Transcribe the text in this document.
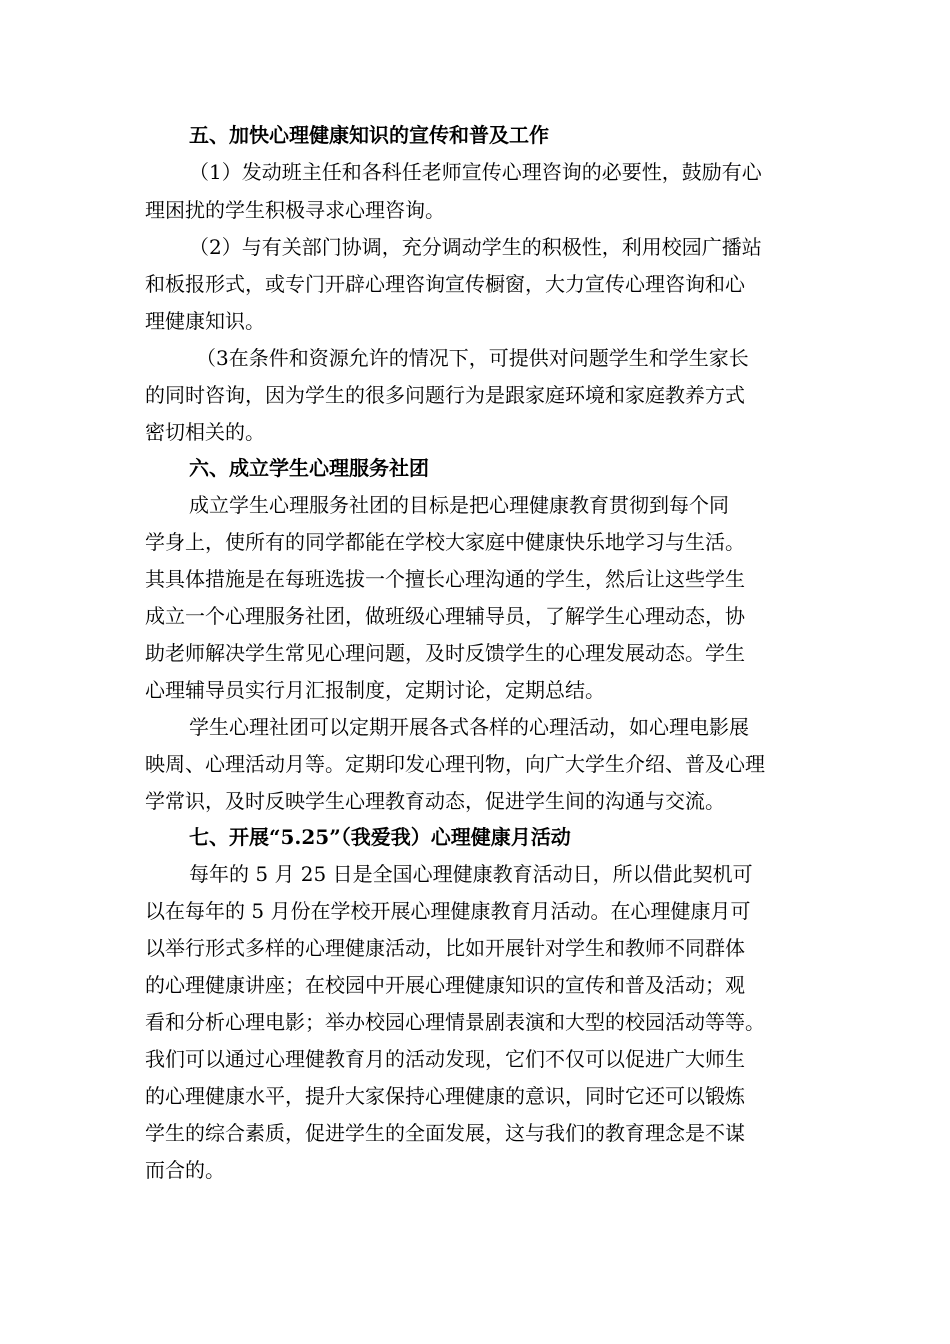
五、加快心理健康知识的宣传和普及工作
（1）发动班主任和各科任老师宣传心理咨询的必要性，鼓励有心
理困扰的学生积极寻求心理咨询。
（2）与有关部门协调，充分调动学生的积极性，利用校园广播站
和板报形式，或专门开辟心理咨询宣传橱窗，大力宣传心理咨询和心
理健康知识。
（3在条件和资源允许的情况下，可提供对问题学生和学生家长
的同时咨询，因为学生的很多问题行为是跟家庭环境和家庭教养方式
密切相关的。
六、成立学生心理服务社团
成立学生心理服务社团的目标是把心理健康教育贯彻到每个同
学身上，使所有的同学都能在学校大家庭中健康快乐地学习与生活。
其具体措施是在每班选拔一个擅长心理沟通的学生，然后让这些学生
成立一个心理服务社团，做班级心理辅导员，了解学生心理动态，协
助老师解决学生常见心理问题，及时反馈学生的心理发展动态。学生
心理辅导员实行月汇报制度，定期讨论，定期总结。
学生心理社团可以定期开展各式各样的心理活动，如心理电影展
映周、心理活动月等。定期印发心理刊物，向广大学生介绍、普及心理
学常识，及时反映学生心理教育动态，促进学生间的沟通与交流。
七、开展“5.25”（我爱我）心理健康月活动
每年的 5 月 25 日是全国心理健康教育活动日，所以借此契机可
以在每年的 5 月份在学校开展心理健康教育月活动。在心理健康月可
以举行形式多样的心理健康活动，比如开展针对学生和教师不同群体
的心理健康讲座；在校园中开展心理健康知识的宣传和普及活动；观
看和分析心理电影；举办校园心理情景剧表演和大型的校园活动等等。
我们可以通过心理健教育月的活动发现，它们不仅可以促进广大师生
的心理健康水平，提升大家保持心理健康的意识，同时它还可以锻炼
学生的综合素质，促进学生的全面发展，这与我们的教育理念是不谋
而合的。
